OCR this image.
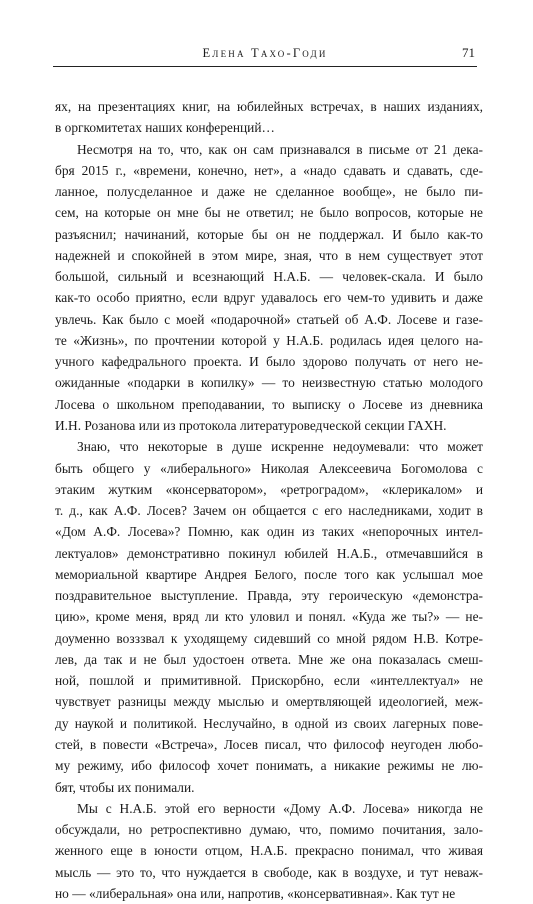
Елена Тахо-Годи	71
ях, на презентациях книг, на юбилейных встречах, в наших изданиях,
в оргкомитетах наших конференций…
Несмотря на то, что, как он сам признавался в письме от 21 дека-
бря 2015 г., «времени, конечно, нет», а «надо сдавать и сдавать, сде-
ланное, полусделанное и даже не сделанное вообще», не было пи-
сем, на которые он мне бы не ответил; не было вопросов, которые не
разъяснил; начинаний, которые бы он не поддержал. И было как-то
надежней и спокойней в этом мире, зная, что в нем существует этот
большой, сильный и всезнающий Н.А.Б. — человек-скала. И было
как-то особо приятно, если вдруг удавалось его чем-то удивить и даже
увлечь. Как было с моей «подарочной» статьей об А.Ф. Лосеве и газе-
те «Жизнь», по прочтении которой у Н.А.Б. родилась идея целого на-
учного кафедрального проекта. И было здорово получать от него не-
ожиданные «подарки в копилку» — то неизвестную статью молодого
Лосева о школьном преподавании, то выписку о Лосеве из дневника
И.Н. Розанова или из протокола литературоведческой секции ГАХН.
Знаю, что некоторые в душе искренне недоумевали: что может
быть общего у «либерального» Николая Алексеевича Богомолова с
этаким жутким «консерватором», «ретроградом», «клерикалом» и
т. д., как А.Ф. Лосев? Зачем он общается с его наследниками, ходит в
«Дом А.Ф. Лосева»? Помню, как один из таких «непорочных интел-
лектуалов» демонстративно покинул юбилей Н.А.Б., отмечавшийся в
мемориальной квартире Андрея Белого, после того как услышал мое
поздравительное выступление. Правда, эту героическую «демонстра-
цию», кроме меня, вряд ли кто уловил и понял. «Куда же ты?» — не-
доуменно возззвал к уходящему сидевший со мной рядом Н.В. Котре-
лев, да так и не был удостоен ответа. Мне же она показалась смеш-
ной, пошлой и примитивной. Прискорбно, если «интеллектуал» не
чувствует разницы между мыслью и омертвляющей идеологией, меж-
ду наукой и политикой. Неслучайно, в одной из своих лагерных пове-
стей, в повести «Встреча», Лосев писал, что философ неугоден любо-
му режиму, ибо философ хочет понимать, а никакие режимы не лю-
бят, чтобы их понимали.
Мы с Н.А.Б. этой его верности «Дому А.Ф. Лосева» никогда не
обсуждали, но ретроспективно думаю, что, помимо почитания, зало-
женного еще в юности отцом, Н.А.Б. прекрасно понимал, что живая
мысль — это то, что нуждается в свободе, как в воздухе, и тут неваж-
но — «либеральная» она или, напротив, «консервативная». Как тут не
